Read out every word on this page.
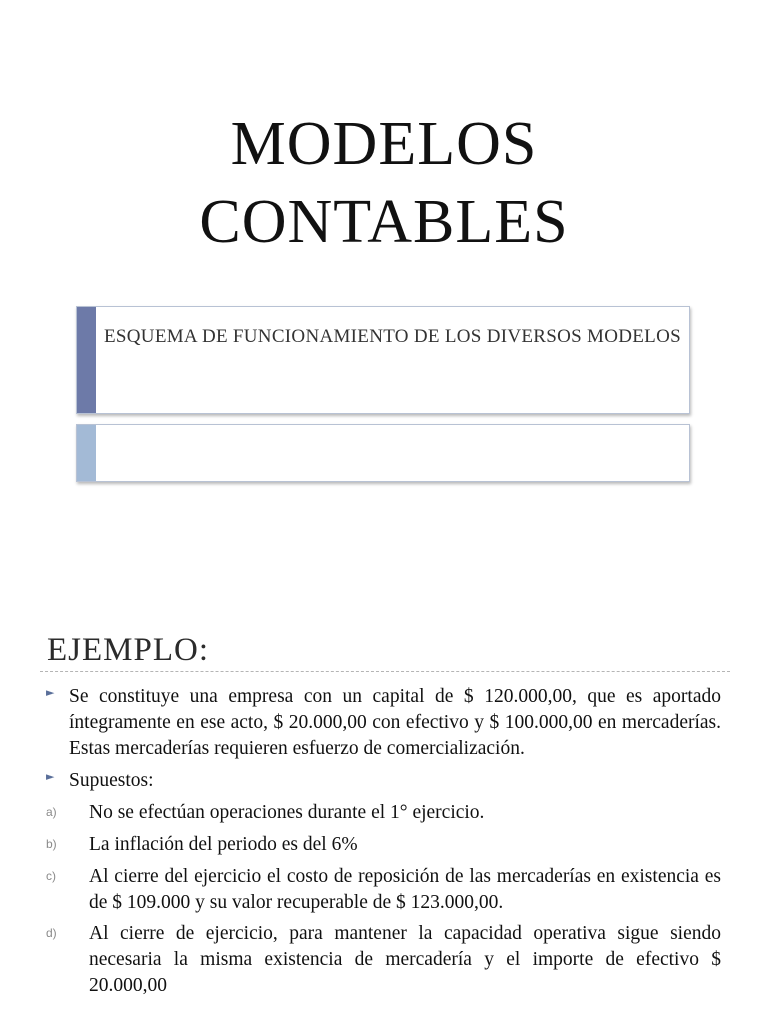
MODELOS
CONTABLES
ESQUEMA DE FUNCIONAMIENTO DE LOS DIVERSOS MODELOS
EJEMPLO:
► Se constituye una empresa con un capital de $ 120.000,00, que es aportado íntegramente en ese acto, $ 20.000,00 con efectivo y $ 100.000,00 en mercaderías. Estas mercaderías requieren esfuerzo de comercialización.
► Supuestos:
a) No se efectúan operaciones durante el 1° ejercicio.
b) La inflación del periodo es del 6%
c) Al cierre del ejercicio el costo de reposición de las mercaderías en existencia es de $ 109.000 y su valor recuperable de $ 123.000,00.
d) Al cierre de ejercicio, para mantener la capacidad operativa sigue siendo necesaria la misma existencia de mercadería y el importe de efectivo $ 20.000,00
